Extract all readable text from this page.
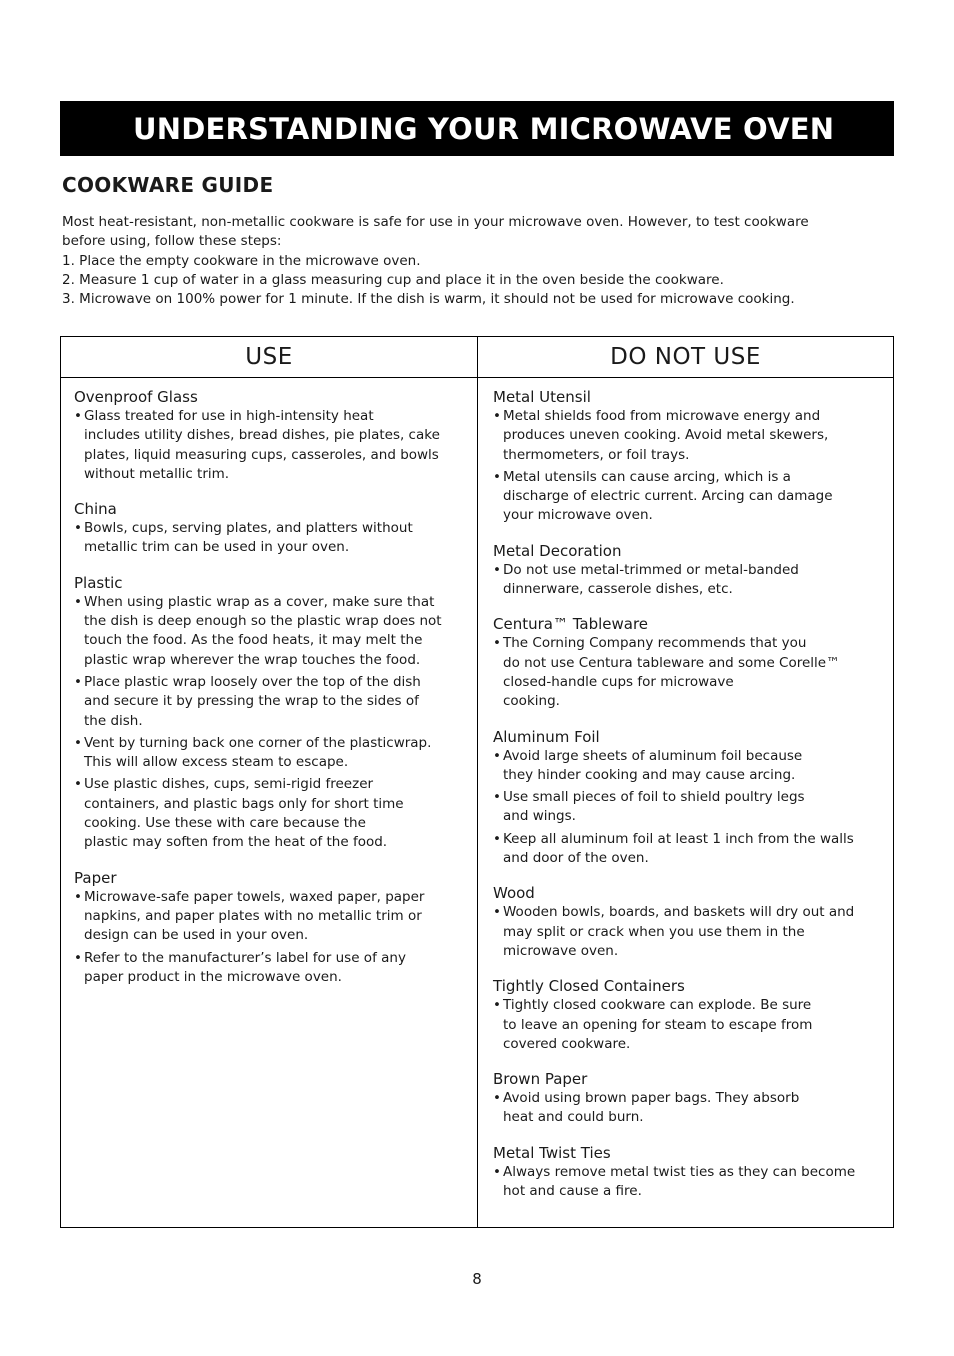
UNDERSTANDING YOUR MICROWAVE OVEN
COOKWARE GUIDE

Most heat-resistant, non-metallic cookware is safe for use in your microwave oven. However, to test cookware

before using, follow these steps:

1. Place the empty cookware in the microwave oven.

2. Measure 1 cup of water in a glass measuring cup and place it in the oven beside the cookware.

3. Microwave on 100% power for 1 minute. If the dish is warm, it should not be used for microwave cooking.

USE	DO NOT USE

Ovenproof Glass

• Glass treated for use in high-intensity heat
includes utility dishes, bread dishes, pie plates, cake
plates, liquid measuring cups, casseroles, and bowls
without metallic trim.

China

• Bowls, cups, serving plates, and platters without
metallic trim can be used in your oven.

Plastic

• When using plastic wrap as a cover, make sure that
the dish is deep enough so the plastic wrap does not
touch the food. As the food heats, it may melt the
plastic wrap wherever the wrap touches the food.
• Place plastic wrap loosely over the top of the dish
and secure it by pressing the wrap to the sides of
the dish.
• Vent by turning back one corner of the plasticwrap.
This will allow excess steam to escape.
• Use plastic dishes, cups, semi-rigid freezer
containers, and plastic bags only for short time
cooking. Use these with care because the
plastic may soften from the heat of the food.

Paper

• Microwave-safe paper towels, waxed paper, paper
napkins, and paper plates with no metallic trim or
design can be used in your oven.
• Refer to the manufacturer’s label for use of any
paper product in the microwave oven.

Metal Utensil

• Metal shields food from microwave energy and
produces uneven cooking. Avoid metal skewers,
thermometers, or foil trays.
• Metal utensils can cause arcing, which is a
discharge of electric current. Arcing can damage
your microwave oven.

Metal Decoration

• Do not use metal-trimmed or metal-banded
dinnerware, casserole dishes, etc.

Centura™ Tableware

• The Corning Company recommends that you
do not use Centura tableware and some Corelle™
closed-handle cups for microwave
cooking.

Aluminum Foil

• Avoid large sheets of aluminum foil because
they hinder cooking and may cause arcing.
• Use small pieces of foil to shield poultry legs
and wings.
• Keep all aluminum foil at least 1 inch from the walls
and door of the oven.

Wood

• Wooden bowls, boards, and baskets will dry out and
may split or crack when you use them in the
microwave oven.

Tightly Closed Containers

• Tightly closed cookware can explode. Be sure
to leave an opening for steam to escape from
covered cookware.

Brown Paper

• Avoid using brown paper bags. They absorb
heat and could burn.

Metal Twist Ties

• Always remove metal twist ties as they can become
hot and cause a fire.
8
